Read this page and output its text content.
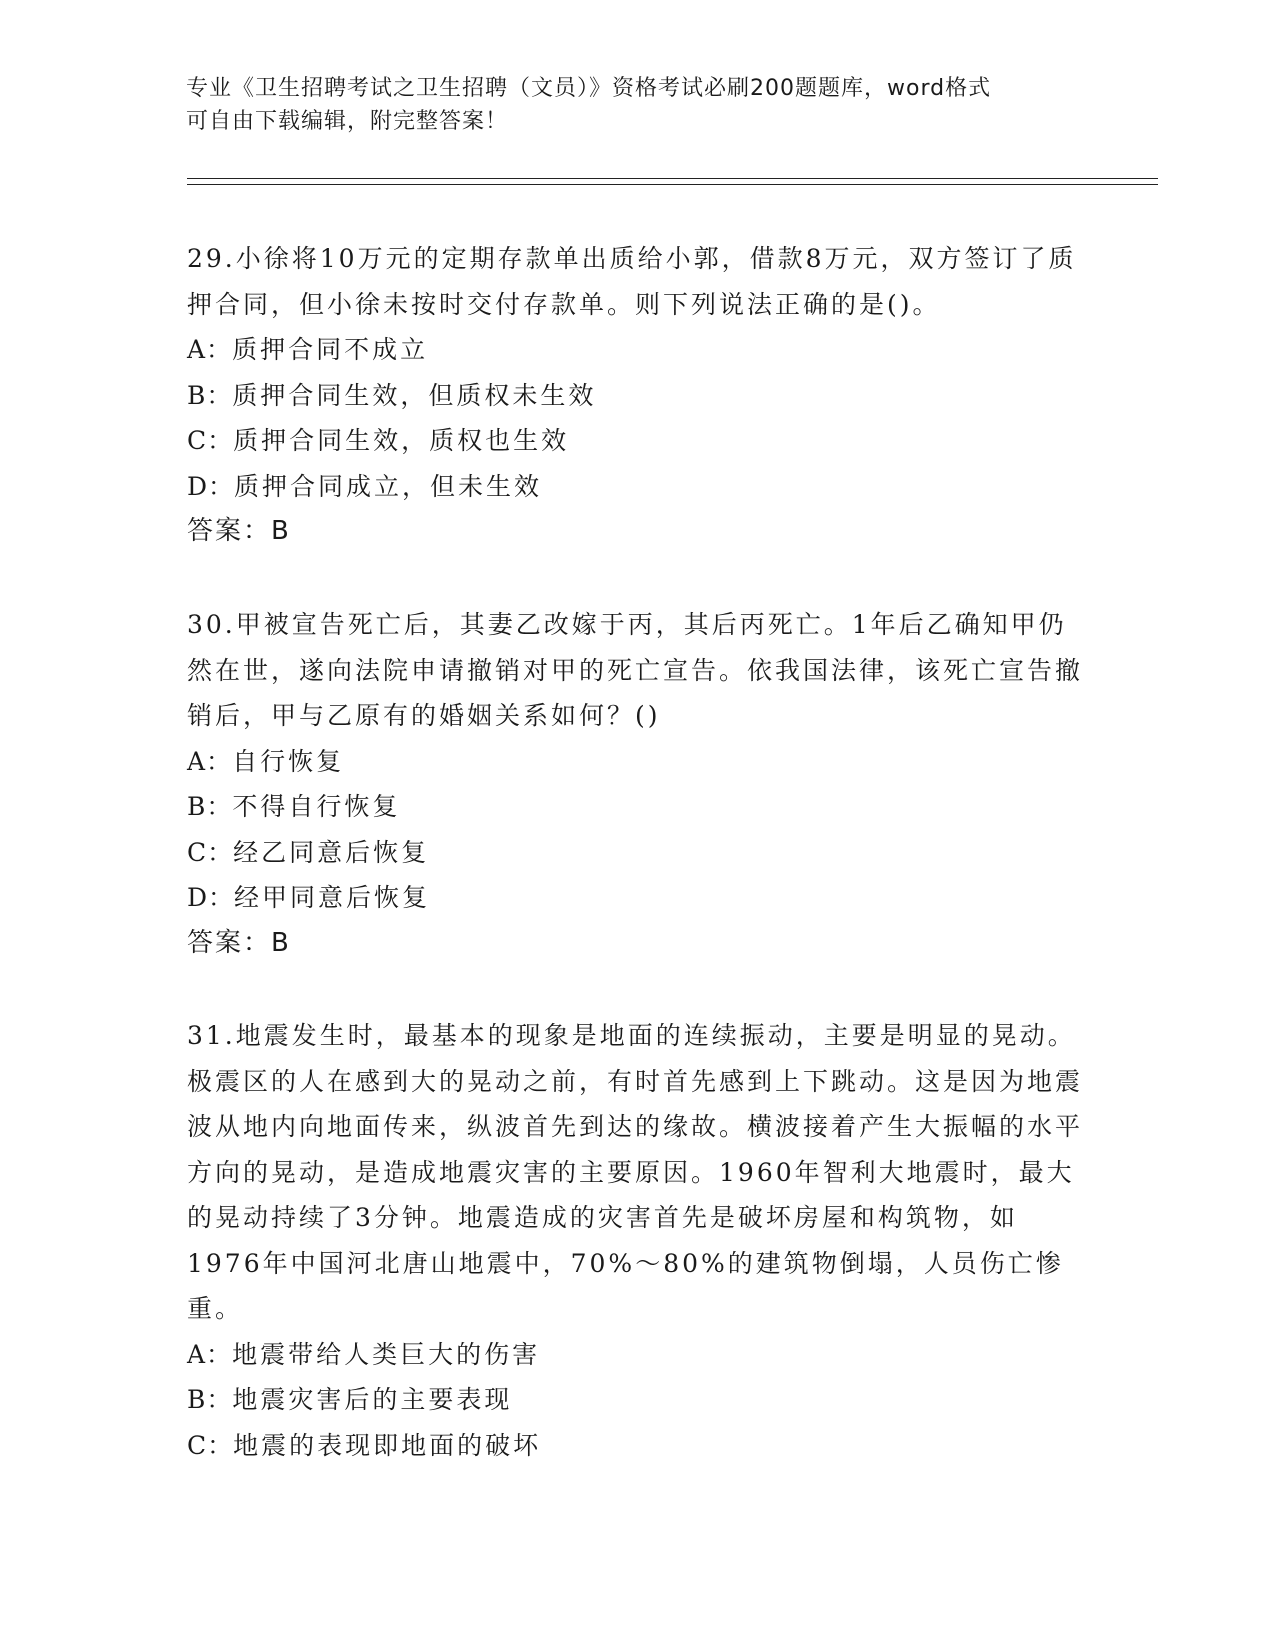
专业《卫生招聘考试之卫生招聘（文员）》资格考试必刷200题题库，word格式

可自由下载编辑，附完整答案！

29.小徐将10万元的定期存款单出质给小郭，借款8万元，双方签订了质押合同，但小徐未按时交付存款单。则下列说法正确的是()。

A：质押合同不成立

B：质押合同生效，但质权未生效

C：质押合同生效，质权也生效

D：质押合同成立，但未生效

答案：B

30.甲被宣告死亡后，其妻乙改嫁于丙，其后丙死亡。1年后乙确知甲仍然在世，遂向法院申请撤销对甲的死亡宣告。依我国法律，该死亡宣告撤销后，甲与乙原有的婚姻关系如何？()

A：自行恢复

B：不得自行恢复

C：经乙同意后恢复

D：经甲同意后恢复

答案：B

31.地震发生时，最基本的现象是地面的连续振动，主要是明显的晃动。极震区的人在感到大的晃动之前，有时首先感到上下跳动。这是因为地震波从地内向地面传来，纵波首先到达的缘故。横波接着产生大振幅的水平方向的晃动，是造成地震灾害的主要原因。1960年智利大地震时，最大的晃动持续了3分钟。地震造成的灾害首先是破坏房屋和构筑物，如1976年中国河北唐山地震中，70%～80%的建筑物倒塌，人员伤亡惨重。

A：地震带给人类巨大的伤害

B：地震灾害后的主要表现

C：地震的表现即地面的破坏
